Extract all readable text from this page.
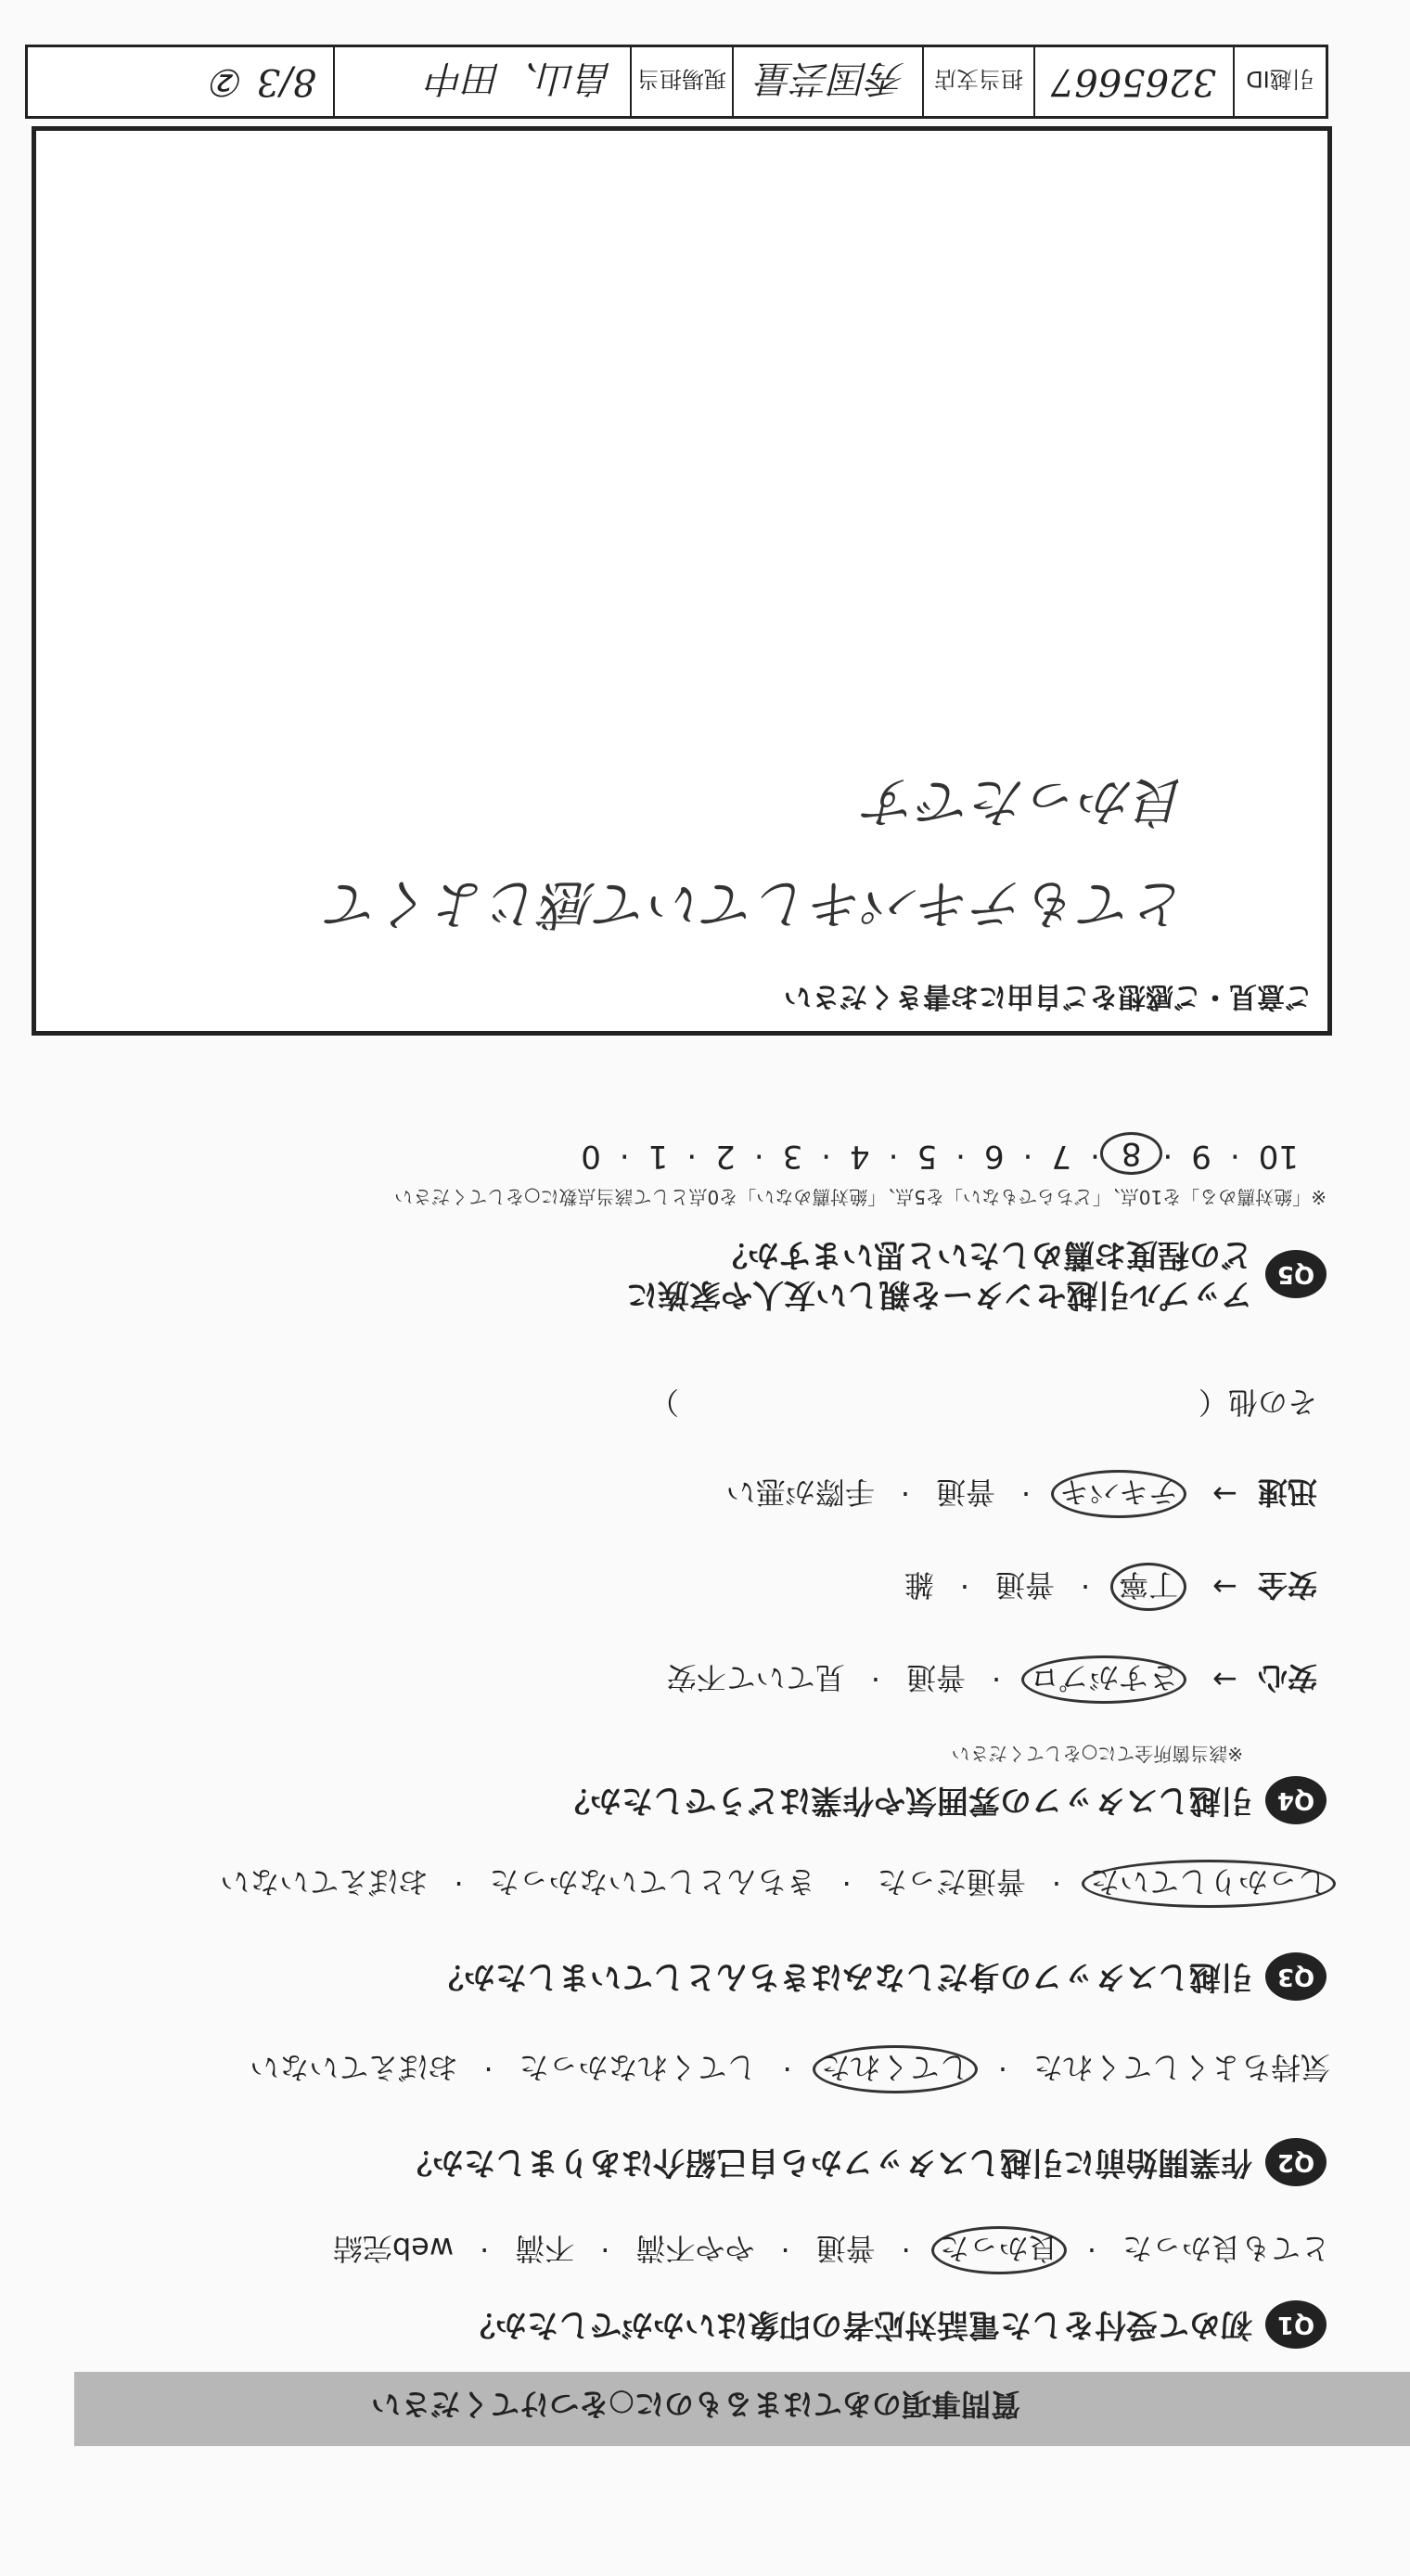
引越ID
3265667
担当支店
秀国芸量
現場担当
畠山、田中
8/3 ②
ご意見・ご感想をご自由にお書きください
とてもテキパキしていて感じよくて
良かったです
10
·
9
·
8
·
7
·
6
·
5
·
4
·
3
·
2
·
1
·
0
※「絶対薦める」を10点、「どちらでもない」を5点、「絶対薦めない」を0点として該当点数に○をしてください
Q5
アップル引越センターを親しい友人や家族に
どの程度お薦めしたいと思いますか？
その他（
）
迅速
→
テキパキ
·
普通
·
手際が悪い
安全
→
丁寧
·
普通
·
雑
安心
→
さすがプロ
·
普通
·
見ていて不安
※該当箇所全てに○をしてください
Q4
引越しスタッフの雰囲気や作業はどうでしたか？
しっかりしていた
·
普通だった
·
きちんとしていなかった
·
おぼえていない
Q3
引越しスタッフの身だしなみはきちんとしていましたか？
気持ちよくしてくれた
·
してくれた
·
してくれなかった
·
おぼえていない
Q2
作業開始前に引越しスタッフから自己紹介はありましたか？
とても良かった
·
良かった
·
普通
·
やや不満
·
不満
·
web完結
Q1
初めて受付をした電話対応者の印象はいかがでしたか？
質問事項のあてはまるものに○をつけてください
